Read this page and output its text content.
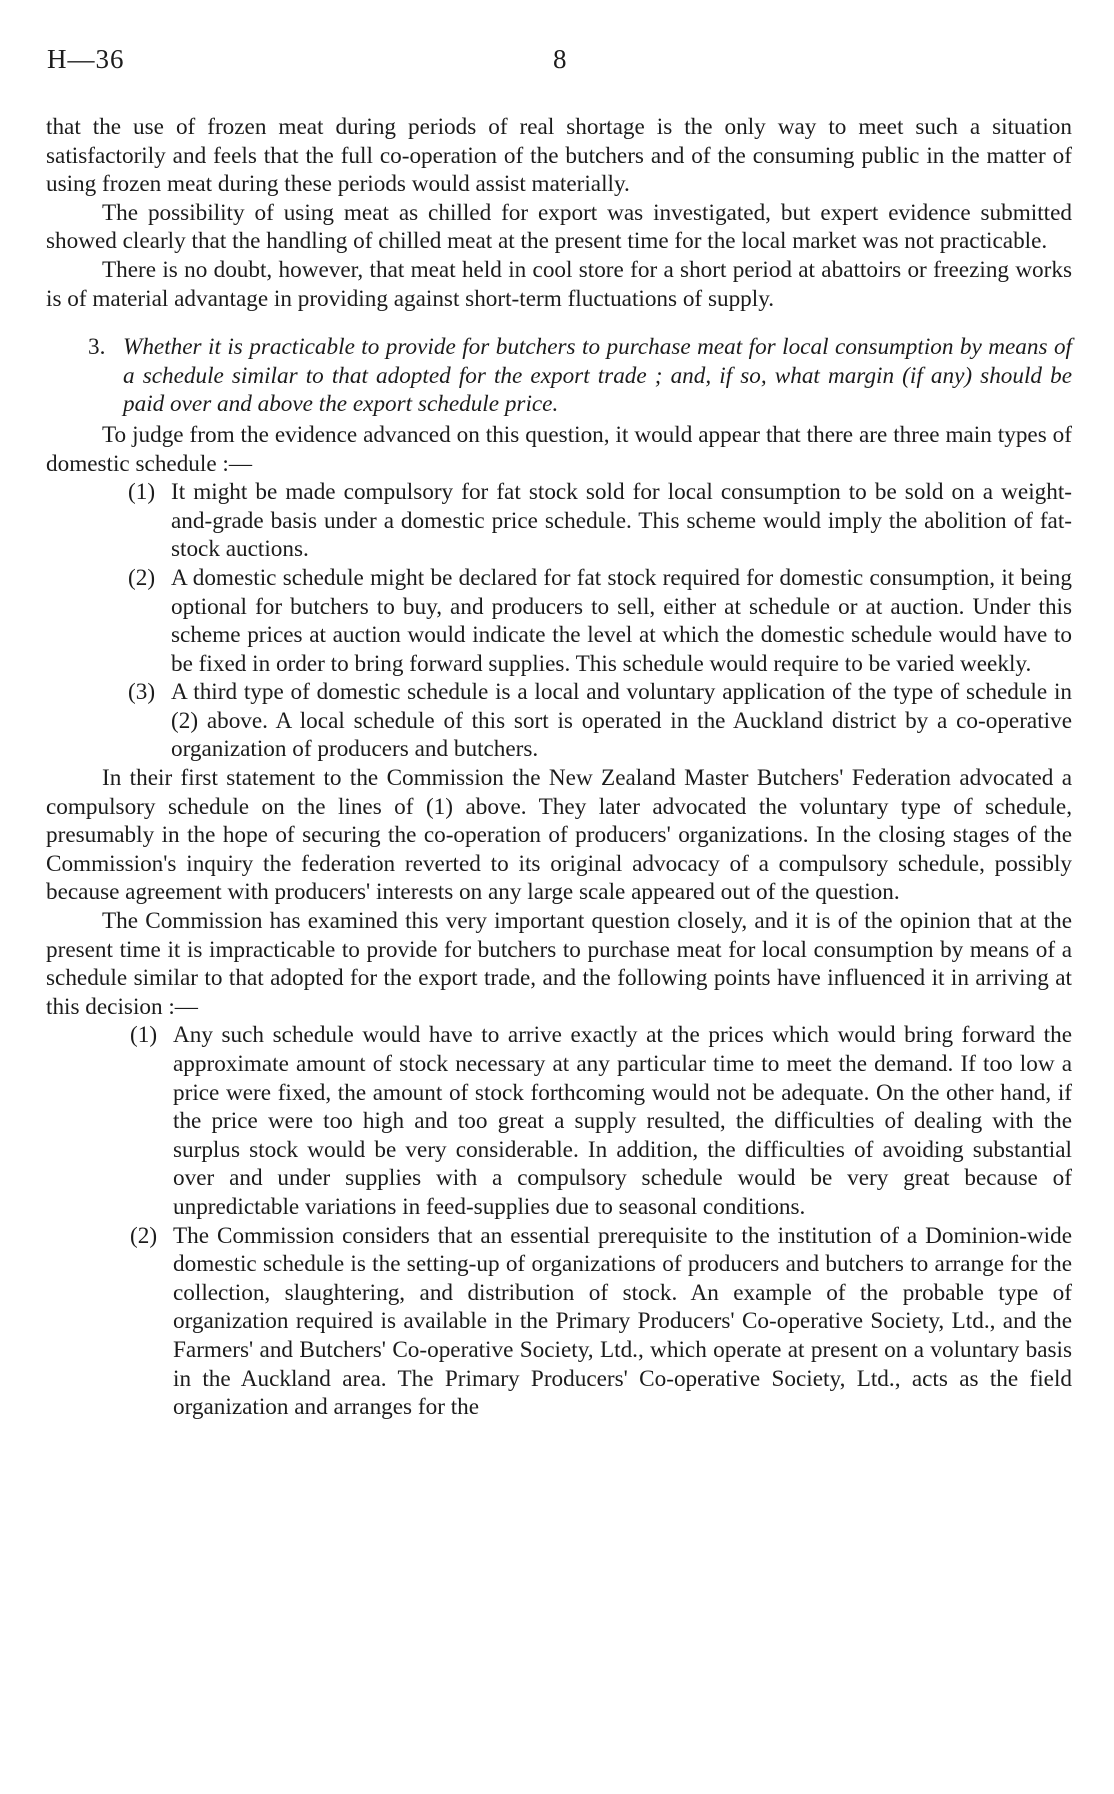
H—36	8

that the use of frozen meat during periods of real shortage is the only way to meet such a situation satisfactorily and feels that the full co-operation of the butchers and of the consuming public in the matter of using frozen meat during these periods would assist materially.

The possibility of using meat as chilled for export was investigated, but expert evidence submitted showed clearly that the handling of chilled meat at the present time for the local market was not practicable.

There is no doubt, however, that meat held in cool store for a short period at abattoirs or freezing works is of material advantage in providing against short-term fluctuations of supply.

3. Whether it is practicable to provide for butchers to purchase meat for local consumption by means of a schedule similar to that adopted for the export trade ; and, if so, what margin (if any) should be paid over and above the export schedule price.

To judge from the evidence advanced on this question, it would appear that there are three main types of domestic schedule :—

(1) It might be made compulsory for fat stock sold for local consumption to be sold on a weight-and-grade basis under a domestic price schedule. This scheme would imply the abolition of fat-stock auctions.

(2) A domestic schedule might be declared for fat stock required for domestic consumption, it being optional for butchers to buy, and producers to sell, either at schedule or at auction. Under this scheme prices at auction would indicate the level at which the domestic schedule would have to be fixed in order to bring forward supplies. This schedule would require to be varied weekly.

(3) A third type of domestic schedule is a local and voluntary application of the type of schedule in (2) above. A local schedule of this sort is operated in the Auckland district by a co-operative organization of producers and butchers.

In their first statement to the Commission the New Zealand Master Butchers' Federation advocated a compulsory schedule on the lines of (1) above. They later advocated the voluntary type of schedule, presumably in the hope of securing the co-operation of producers' organizations. In the closing stages of the Commission's inquiry the federation reverted to its original advocacy of a compulsory schedule, possibly because agreement with producers' interests on any large scale appeared out of the question.

The Commission has examined this very important question closely, and it is of the opinion that at the present time it is impracticable to provide for butchers to purchase meat for local consumption by means of a schedule similar to that adopted for the export trade, and the following points have influenced it in arriving at this decision :—

(1) Any such schedule would have to arrive exactly at the prices which would bring forward the approximate amount of stock necessary at any particular time to meet the demand. If too low a price were fixed, the amount of stock forthcoming would not be adequate. On the other hand, if the price were too high and too great a supply resulted, the difficulties of dealing with the surplus stock would be very considerable. In addition, the difficulties of avoiding substantial over and under supplies with a compulsory schedule would be very great because of unpredictable variations in feed-supplies due to seasonal conditions.

(2) The Commission considers that an essential prerequisite to the institution of a Dominion-wide domestic schedule is the setting-up of organizations of producers and butchers to arrange for the collection, slaughtering, and distribution of stock. An example of the probable type of organization required is available in the Primary Producers' Co-operative Society, Ltd., and the Farmers' and Butchers' Co-operative Society, Ltd., which operate at present on a voluntary basis in the Auckland area. The Primary Producers' Co-operative Society, Ltd., acts as the field organization and arranges for the
